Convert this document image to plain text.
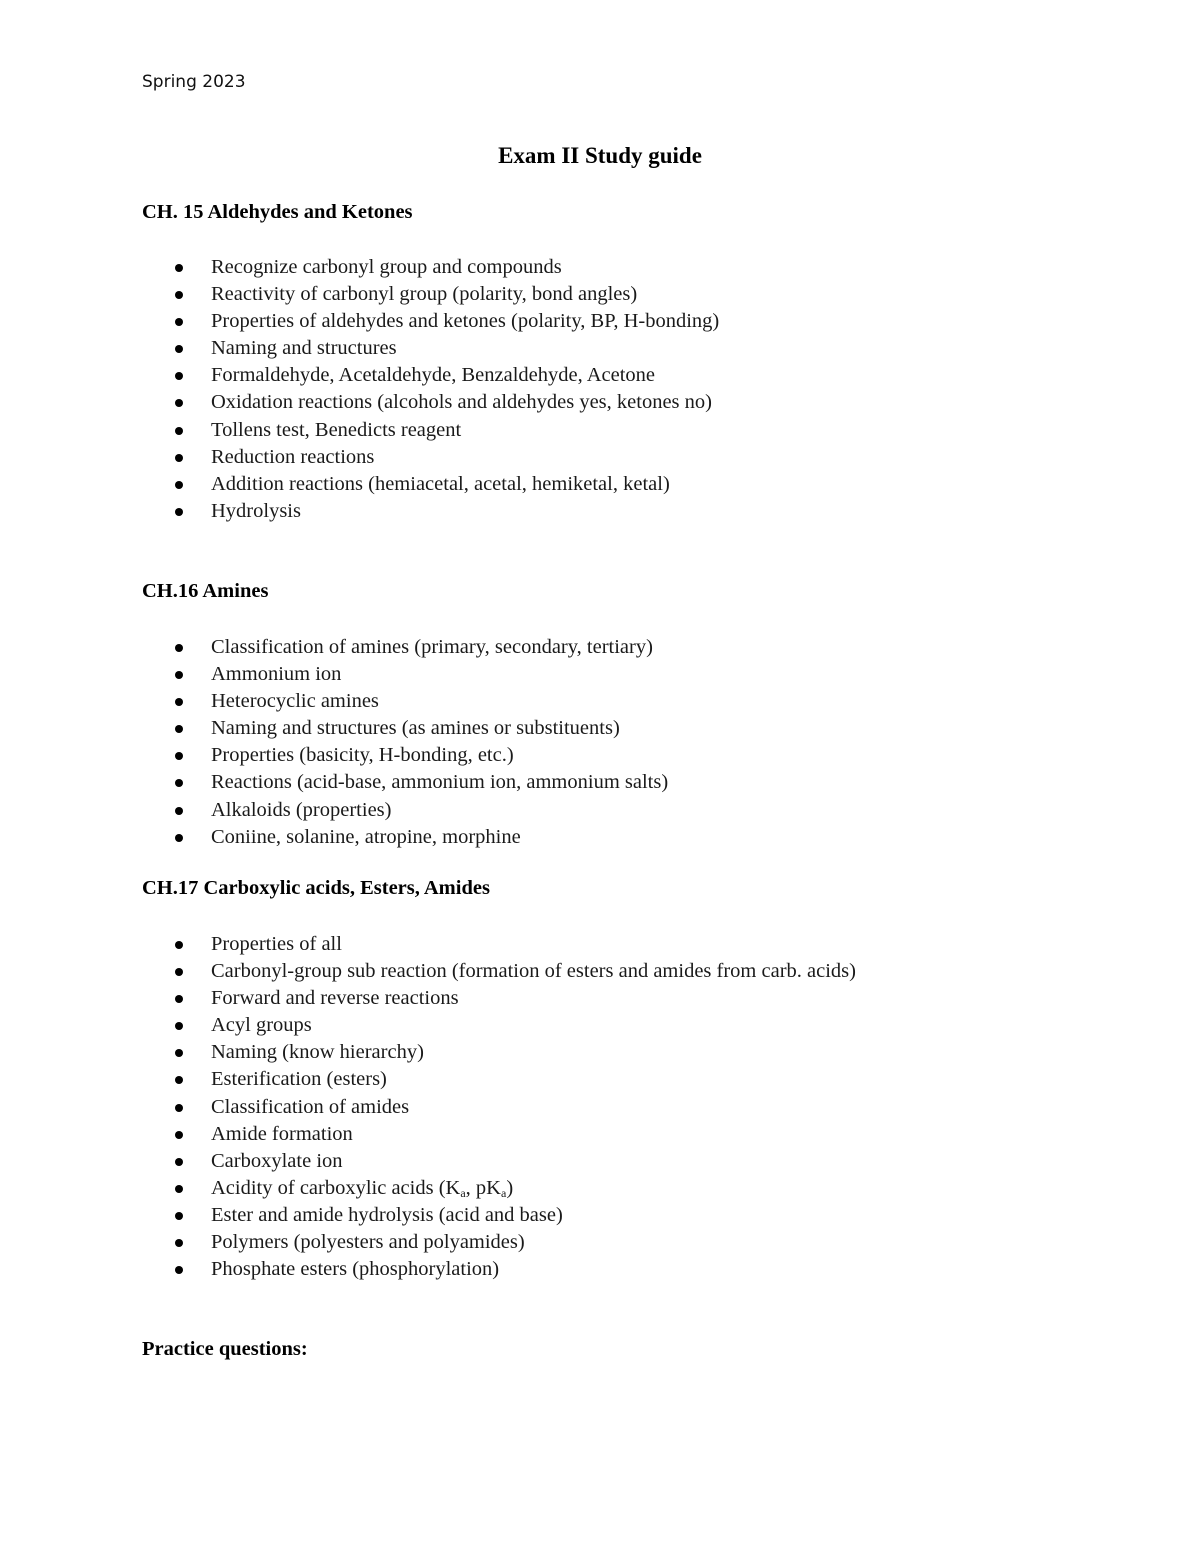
Spring 2023
Exam II Study guide
CH. 15 Aldehydes and Ketones
Recognize carbonyl group and compounds
Reactivity of carbonyl group (polarity, bond angles)
Properties of aldehydes and ketones (polarity, BP, H-bonding)
Naming and structures
Formaldehyde, Acetaldehyde, Benzaldehyde, Acetone
Oxidation reactions (alcohols and aldehydes yes, ketones no)
Tollens test, Benedicts reagent
Reduction reactions
Addition reactions (hemiacetal, acetal, hemiketal, ketal)
Hydrolysis
CH.16 Amines
Classification of amines (primary, secondary, tertiary)
Ammonium ion
Heterocyclic amines
Naming and structures (as amines or substituents)
Properties (basicity, H-bonding, etc.)
Reactions (acid-base, ammonium ion, ammonium salts)
Alkaloids (properties)
Coniine, solanine, atropine, morphine
CH.17 Carboxylic acids, Esters, Amides
Properties of all
Carbonyl-group sub reaction (formation of esters and amides from carb. acids)
Forward and reverse reactions
Acyl groups
Naming (know hierarchy)
Esterification (esters)
Classification of amides
Amide formation
Carboxylate ion
Acidity of carboxylic acids ($K_a$, $pK_a$)
Ester and amide hydrolysis (acid and base)
Polymers (polyesters and polyamides)
Phosphate esters (phosphorylation)
Practice questions:
